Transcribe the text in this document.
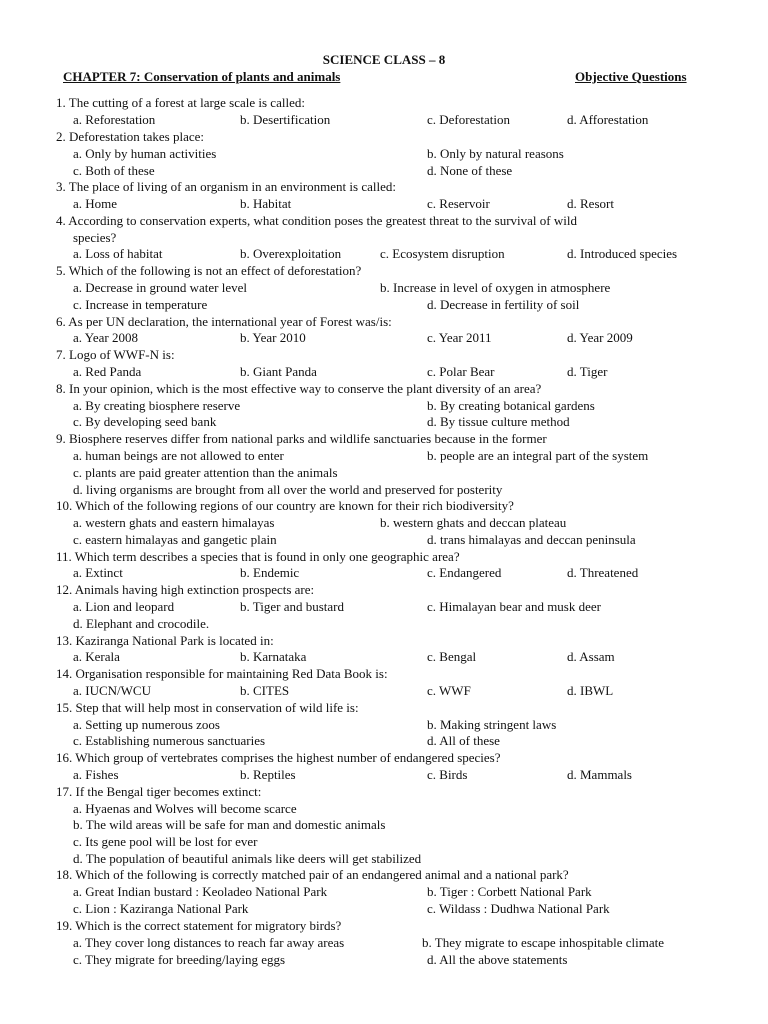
SCIENCE CLASS – 8
CHAPTER 7: Conservation of plants and animals	Objective Questions
1. The cutting of a forest at large scale is called:
a. Reforestation	b. Desertification	c. Deforestation	d. Afforestation
2. Deforestation takes place:
a. Only by human activities	b. Only by natural reasons
c. Both of these	d. None of these
3. The place of living of an organism in an environment is called:
a. Home	b. Habitat	c. Reservoir	d. Resort
4. According to conservation experts, what condition poses the greatest threat to the survival of wild
species?
a. Loss of habitat	b. Overexploitation	c. Ecosystem disruption	d. Introduced species
5. Which of the following is not an effect of deforestation?
a. Decrease in ground water level	b. Increase in level of oxygen in atmosphere
c. Increase in temperature	d. Decrease in fertility of soil
6. As per UN declaration, the international year of Forest was/is:
a. Year 2008	b. Year 2010	c. Year 2011	d. Year 2009
7. Logo of WWF-N is:
a. Red Panda	b. Giant Panda	c. Polar Bear	d. Tiger
8. In your opinion, which is the most effective way to conserve the plant diversity of an area?
a. By creating biosphere reserve	b. By creating botanical gardens
c. By developing seed bank	d. By tissue culture method
9. Biosphere reserves differ from national parks and wildlife sanctuaries because in the former
a. human beings are not allowed to enter	b. people are an integral part of the system
c. plants are paid greater attention than the animals
d. living organisms are brought from all over the world and preserved for posterity
10. Which of the following regions of our country are known for their rich biodiversity?
a. western ghats and eastern himalayas	b. western ghats and deccan plateau
c. eastern himalayas and gangetic plain	d. trans himalayas and deccan peninsula
11. Which term describes a species that is found in only one geographic area?
a. Extinct	b. Endemic	c. Endangered	d. Threatened
12. Animals having high extinction prospects are:
a. Lion and leopard	b. Tiger and bustard	c. Himalayan bear and musk deer
d. Elephant and crocodile.
13. Kaziranga National Park is located in:
a. Kerala	b. Karnataka	c. Bengal	d. Assam
14. Organisation responsible for maintaining Red Data Book is:
a. IUCN/WCU	b. CITES	c. WWF	d. IBWL
15. Step that will help most in conservation of wild life is:
a. Setting up numerous zoos	b. Making stringent laws
c. Establishing numerous sanctuaries	d. All of these
16. Which group of vertebrates comprises the highest number of endangered species?
a. Fishes	b. Reptiles	c. Birds	d. Mammals
17. If the Bengal tiger becomes extinct:
a. Hyaenas and Wolves will become scarce
b. The wild areas will be safe for man and domestic animals
c. Its gene pool will be lost for ever
d. The population of beautiful animals like deers will get stabilized
18. Which of the following is correctly matched pair of an endangered animal and a national park?
a. Great Indian bustard : Keoladeo National Park	b. Tiger : Corbett National Park
c. Lion : Kaziranga National Park	c. Wildass : Dudhwa National Park
19. Which is the correct statement for migratory birds?
a. They cover long distances to reach far away areas	b. They migrate to escape inhospitable climate
c. They migrate for breeding/laying eggs	d. All the above statements
